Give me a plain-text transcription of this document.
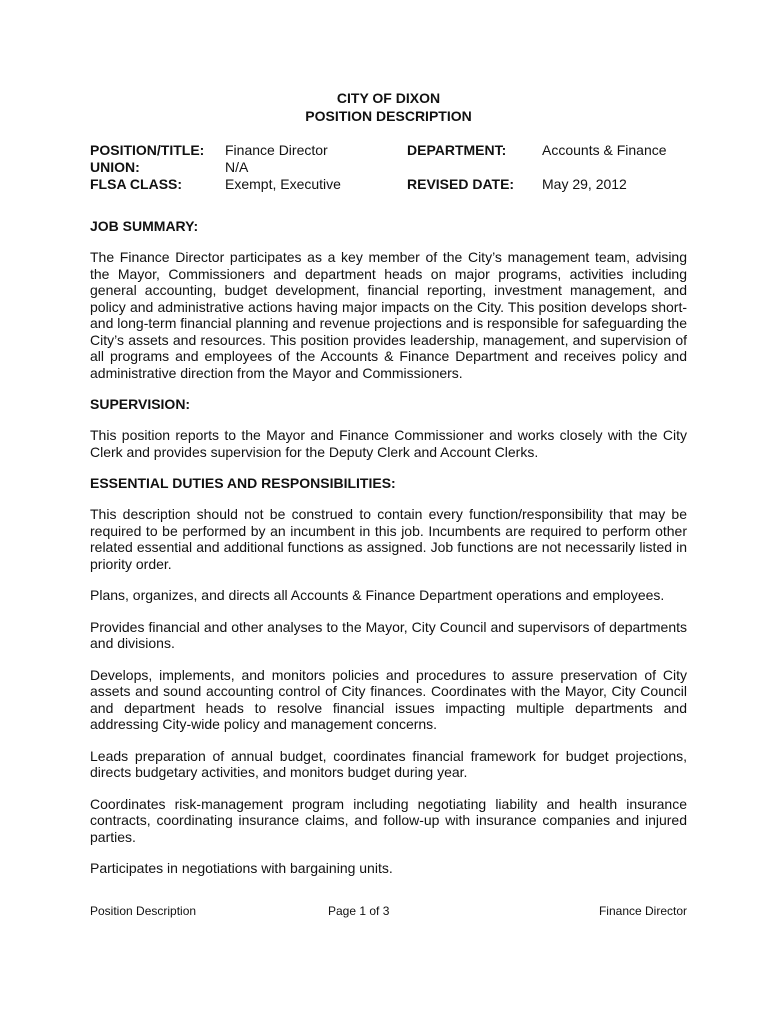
CITY OF DIXON
POSITION DESCRIPTION
POSITION/TITLE: Finance Director	DEPARTMENT:	Accounts & Finance
UNION:	N/A
FLSA CLASS:	Exempt, Executive	REVISED DATE: May 29, 2012
JOB SUMMARY:

The Finance Director participates as a key member of the City’s management team, advising the Mayor, Commissioners and department heads on major programs, activities including general accounting, budget development, financial reporting, investment management, and policy and administrative actions having major impacts on the City. This position develops short- and long-term financial planning and revenue projections and is responsible for safeguarding the City’s assets and resources. This position provides leadership, management, and supervision of all programs and employees of the Accounts & Finance Department and receives policy and administrative direction from the Mayor and Commissioners.

SUPERVISION:

This position reports to the Mayor and Finance Commissioner and works closely with the City Clerk and provides supervision for the Deputy Clerk and Account Clerks.

ESSENTIAL DUTIES AND RESPONSIBILITIES:

This description should not be construed to contain every function/responsibility that may be required to be performed by an incumbent in this job. Incumbents are required to perform other related essential and additional functions as assigned. Job functions are not necessarily listed in priority order.

Plans, organizes, and directs all Accounts & Finance Department operations and employees.

Provides financial and other analyses to the Mayor, City Council and supervisors of departments and divisions.

Develops, implements, and monitors policies and procedures to assure preservation of City assets and sound accounting control of City finances. Coordinates with the Mayor, City Council and department heads to resolve financial issues impacting multiple departments and addressing City-wide policy and management concerns.

Leads preparation of annual budget, coordinates financial framework for budget projections, directs budgetary activities, and monitors budget during year.

Coordinates risk-management program including negotiating liability and health insurance contracts, coordinating insurance claims, and follow-up with insurance companies and injured parties.

Participates in negotiations with bargaining units.

Position Description	Page 1 of 3	Finance Director
